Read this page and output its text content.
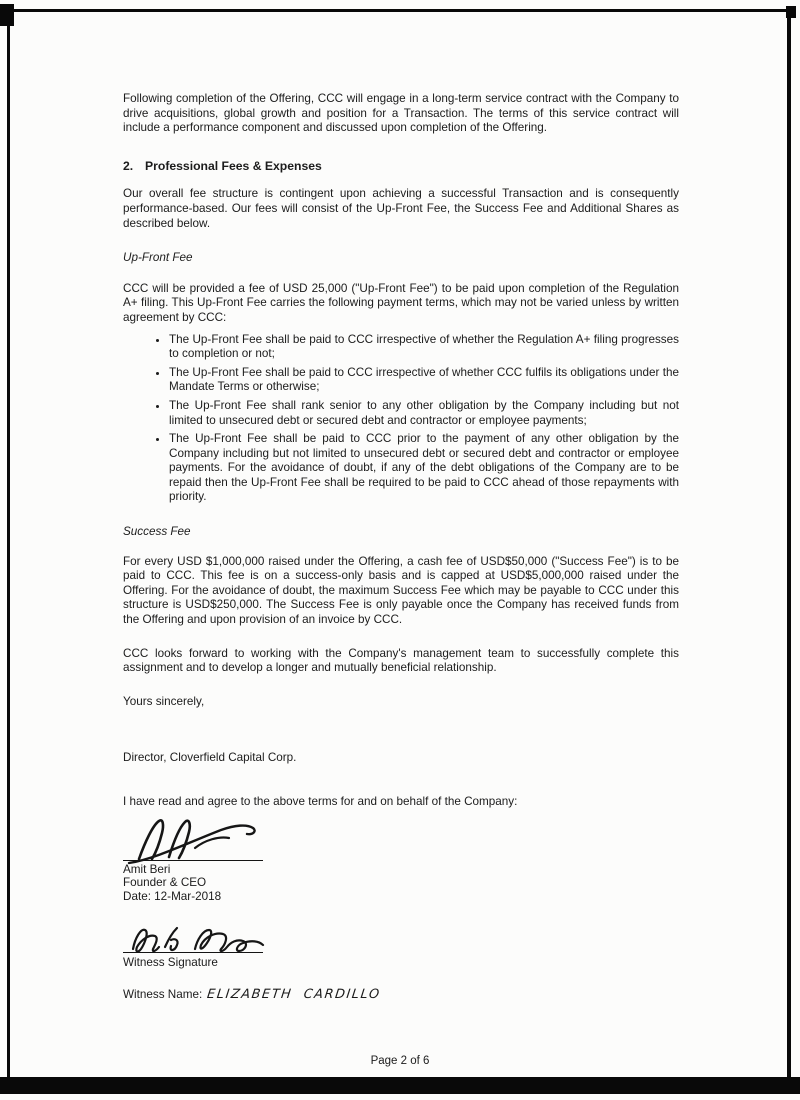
Following completion of the Offering, CCC will engage in a long-term service contract with the Company to drive acquisitions, global growth and position for a Transaction. The terms of this service contract will include a performance component and discussed upon completion of the Offering.

2. Professional Fees & Expenses

Our overall fee structure is contingent upon achieving a successful Transaction and is consequently performance-based. Our fees will consist of the Up-Front Fee, the Success Fee and Additional Shares as described below.

Up-Front Fee

CCC will be provided a fee of USD 25,000 ("Up-Front Fee") to be paid upon completion of the Regulation A+ filing. This Up-Front Fee carries the following payment terms, which may not be varied unless by written agreement by CCC:

• The Up-Front Fee shall be paid to CCC irrespective of whether the Regulation A+ filing progresses to completion or not;
• The Up-Front Fee shall be paid to CCC irrespective of whether CCC fulfils its obligations under the Mandate Terms or otherwise;
• The Up-Front Fee shall rank senior to any other obligation by the Company including but not limited to unsecured debt or secured debt and contractor or employee payments;
• The Up-Front Fee shall be paid to CCC prior to the payment of any other obligation by the Company including but not limited to unsecured debt or secured debt and contractor or employee payments. For the avoidance of doubt, if any of the debt obligations of the Company are to be repaid then the Up-Front Fee shall be required to be paid to CCC ahead of those repayments with priority.
Success Fee

For every USD $1,000,000 raised under the Offering, a cash fee of USD$50,000 ("Success Fee") is to be paid to CCC. This fee is on a success-only basis and is capped at USD$5,000,000 raised under the Offering. For the avoidance of doubt, the maximum Success Fee which may be payable to CCC under this structure is USD$250,000. The Success Fee is only payable once the Company has received funds from the Offering and upon provision of an invoice by CCC.

CCC looks forward to working with the Company's management team to successfully complete this assignment and to develop a longer and mutually beneficial relationship.

Yours sincerely,

Director, Cloverfield Capital Corp.

I have read and agree to the above terms for and on behalf of the Company:

Amit Beri
Founder & CEO
Date: 12-Mar-2018
Witness Signature
Witness Name: ELIZABETH  CARDILLO
Page 2 of 6
